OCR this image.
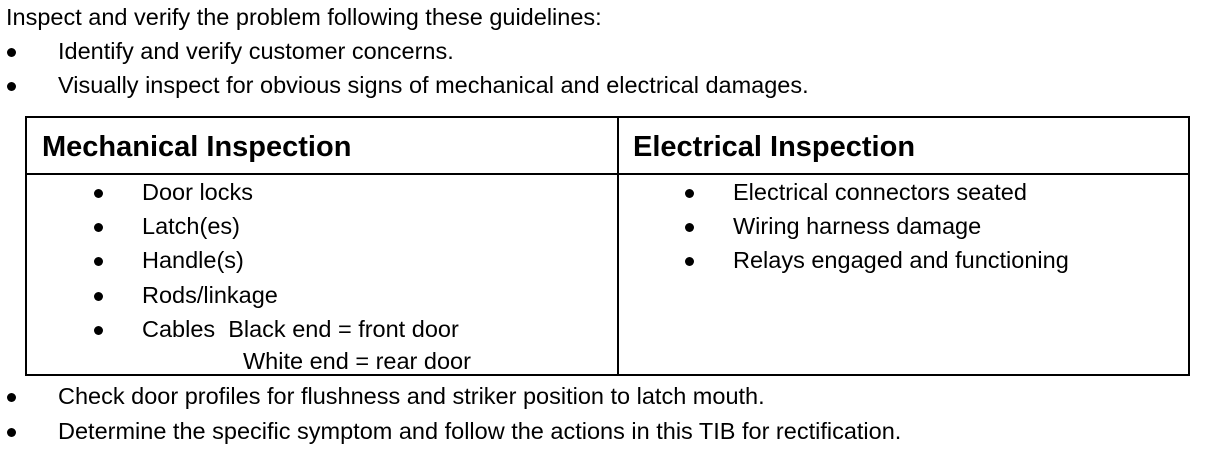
Inspect and verify the problem following these guidelines:
Identify and verify customer concerns.
Visually inspect for obvious signs of mechanical and electrical damages.
Mechanical Inspection	Electrical Inspection
Door locks
Latch(es)
Handle(s)
Rods/linkage
Cables  Black end = front door
White end = rear door
Electrical connectors seated
Wiring harness damage
Relays engaged and functioning
Check door profiles for flushness and striker position to latch mouth.
Determine the specific symptom and follow the actions in this TIB for rectification.
